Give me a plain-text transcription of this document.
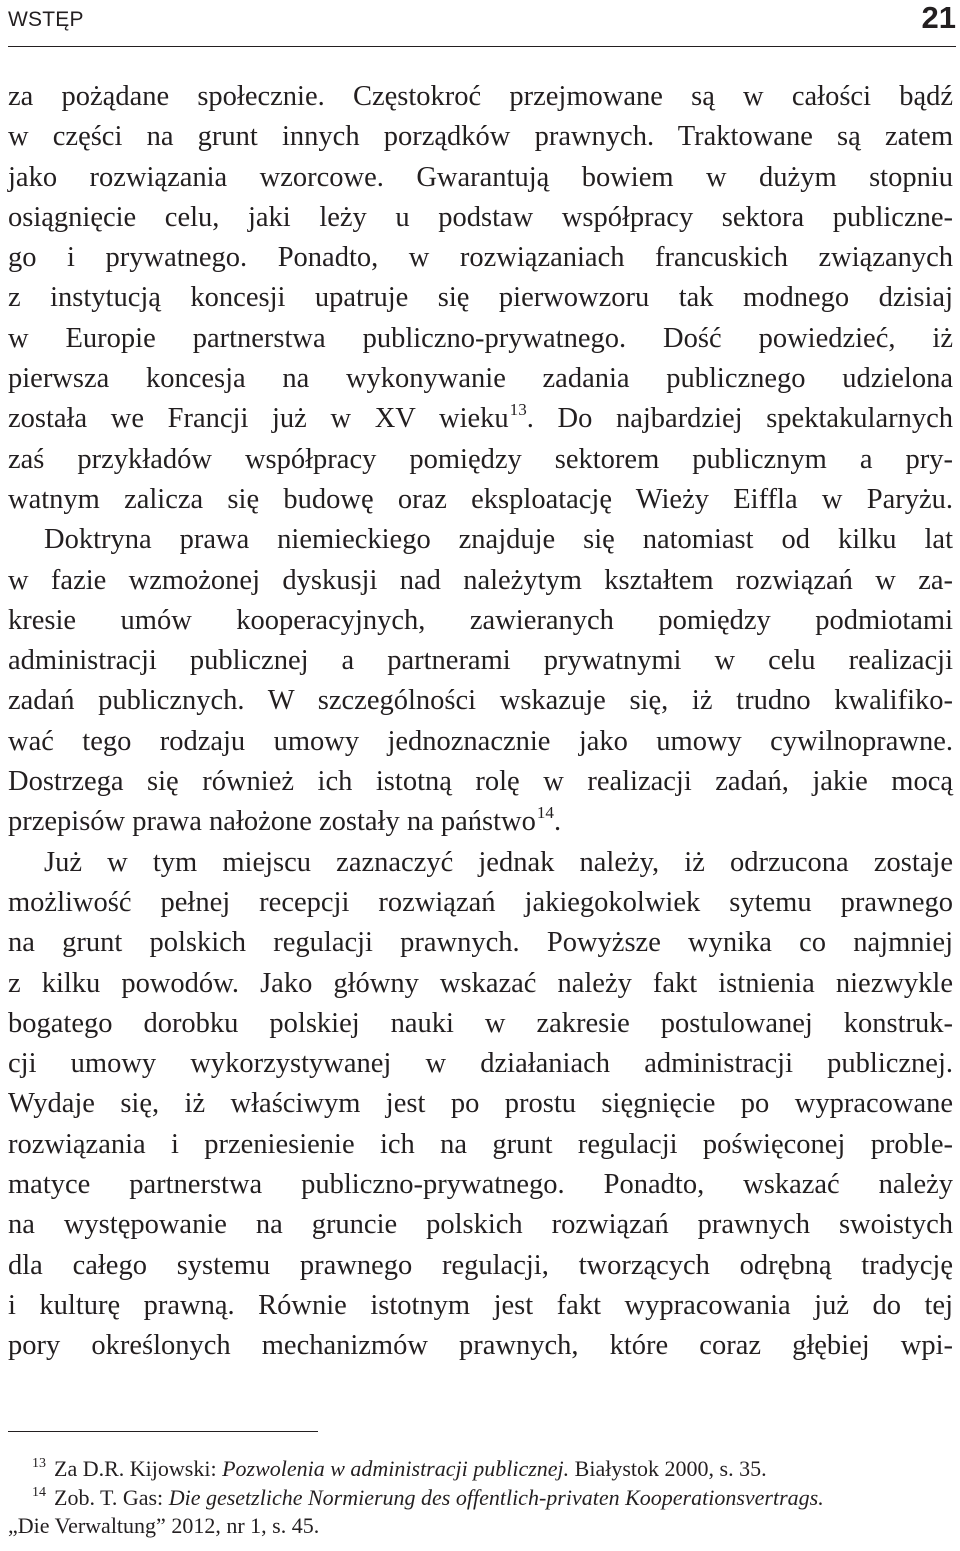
WSTĘP	21
za pożądane społecznie. Częstokroć przejmowane są w całości bądź
w części na grunt innych porządków prawnych. Traktowane są zatem
jako rozwiązania wzorcowe. Gwarantują bowiem w dużym stopniu
osiągnięcie celu, jaki leży u podstaw współpracy sektora publiczne-
go i prywatnego. Ponadto, w rozwiązaniach francuskich związanych
z instytucją koncesji upatruje się pierwowzoru tak modnego dzisiaj
w Europie partnerstwa publiczno-prywatnego. Dość powiedzieć, iż
pierwsza koncesja na wykonywanie zadania publicznego udzielona
została we Francji już w XV wieku$^{13}$. Do najbardziej spektakularnych
zaś przykładów współpracy pomiędzy sektorem publicznym a pry-
watnym zalicza się budowę oraz eksploatację Wieży Eiffla w Paryżu.
Doktryna prawa niemieckiego znajduje się natomiast od kilku lat
w fazie wzmożonej dyskusji nad należytym kształtem rozwiązań w za-
kresie umów kooperacyjnych, zawieranych pomiędzy podmiotami
administracji publicznej a partnerami prywatnymi w celu realizacji
zadań publicznych. W szczególności wskazuje się, iż trudno kwalifiko-
wać tego rodzaju umowy jednoznacznie jako umowy cywilnoprawne.
Dostrzega się również ich istotną rolę w realizacji zadań, jakie mocą
przepisów prawa nałożone zostały na państwo$^{14}$.
Już w tym miejscu zaznaczyć jednak należy, iż odrzucona zostaje
możliwość pełnej recepcji rozwiązań jakiegokolwiek sytemu prawnego
na grunt polskich regulacji prawnych. Powyższe wynika co najmniej
z kilku powodów. Jako główny wskazać należy fakt istnienia niezwykle
bogatego dorobku polskiej nauki w zakresie postulowanej konstruk-
cji umowy wykorzystywanej w działaniach administracji publicznej.
Wydaje się, iż właściwym jest po prostu sięgnięcie po wypracowane
rozwiązania i przeniesienie ich na grunt regulacji poświęconej proble-
matyce partnerstwa publiczno-prywatnego. Ponadto, wskazać należy
na występowanie na gruncie polskich rozwiązań prawnych swoistych
dla całego systemu prawnego regulacji, tworzących odrębną tradycję
i kulturę prawną. Równie istotnym jest fakt wypracowania już do tej
pory określonych mechanizmów prawnych, które coraz głębiej wpi-
13 Za D.R. Kijowski: Pozwolenia w administracji publicznej. Białystok 2000, s. 35.
14 Zob. T. Gas: Die gesetzliche Normierung des offentlich-privaten Kooperationsvertrags.
„Die Verwaltung” 2012, nr 1, s. 45.
